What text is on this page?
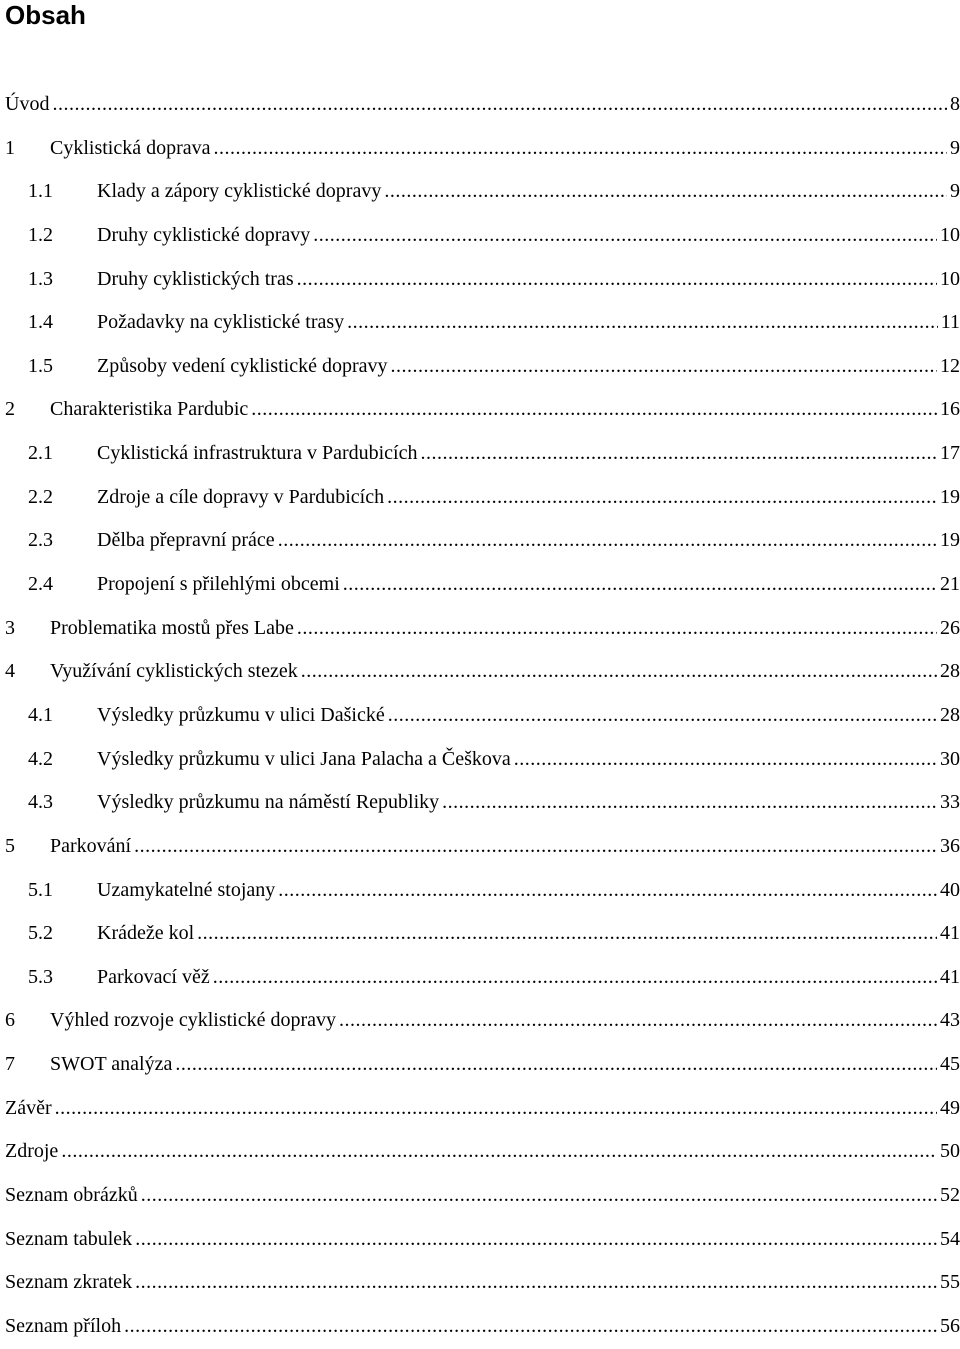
Obsah
Úvod .....	8
1	Cyklistická doprava .....	9
1.1	Klady a zápory cyklistické dopravy .....	9
1.2	Druhy cyklistické dopravy .....	10
1.3	Druhy cyklistických tras .....	10
1.4	Požadavky na cyklistické trasy .....	11
1.5	Způsoby vedení cyklistické dopravy .....	12
2	Charakteristika Pardubic .....	16
2.1	Cyklistická infrastruktura v Pardubicích .....	17
2.2	Zdroje a cíle dopravy v Pardubicích .....	19
2.3	Dělba přepravní práce .....	19
2.4	Propojení s přilehlými obcemi .....	21
3	Problematika mostů přes Labe .....	26
4	Využívání cyklistických stezek .....	28
4.1	Výsledky průzkumu v ulici Dašické .....	28
4.2	Výsledky průzkumu v ulici Jana Palacha a Češkova .....	30
4.3	Výsledky průzkumu na náměstí Republiky .....	33
5	Parkování .....	36
5.1	Uzamykatelné stojany .....	40
5.2	Krádeže kol .....	41
5.3	Parkovací věž .....	41
6	Výhled rozvoje cyklistické dopravy .....	43
7	SWOT analýza .....	45
Závěr .....	49
Zdroje .....	50
Seznam obrázků .....	52
Seznam tabulek .....	54
Seznam zkratek .....	55
Seznam příloh .....	56
